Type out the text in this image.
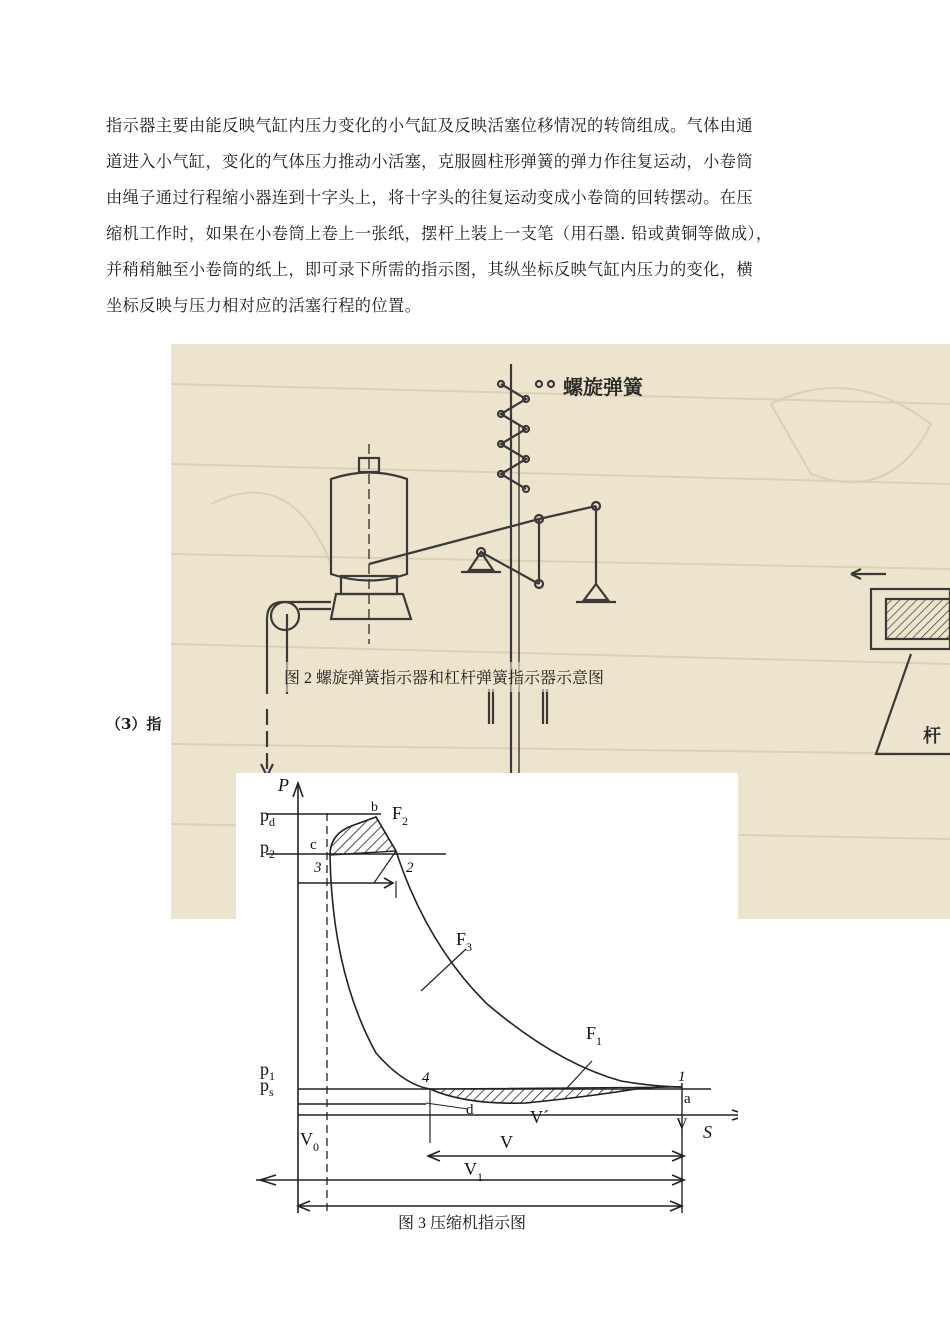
指示器主要由能反映气缸内压力变化的小气缸及反映活塞位移情况的转筒组成。气体由通
道进入小气缸，变化的气体压力推动小活塞，克服圆柱形弹簧的弹力作往复运动，小卷筒
由绳子通过行程缩小器连到十字头上，将十字头的往复运动变成小卷筒的回转摆动。在压
缩机工作时，如果在小卷筒上卷上一张纸，摆杆上装上一支笔（用石墨. 铅或黄铜等做成），
并稍稍触至小卷筒的纸上，即可录下所需的指示图，其纵坐标反映气缸内压力的变化，横
坐标反映与压力相对应的活塞行程的位置。
（3）指
螺旋弹簧
杆
图 2 螺旋弹簧指示器和杠杆弹簧指示器示意图
P
S
$p_d$
$p_2$
$p_1$
$p_s$
b
c
3	2
4	1
d
a
$F_2$
$F_3$
$F_1$
V´
V
V
$V_0$
$V_1$
图 3 压缩机指示图
